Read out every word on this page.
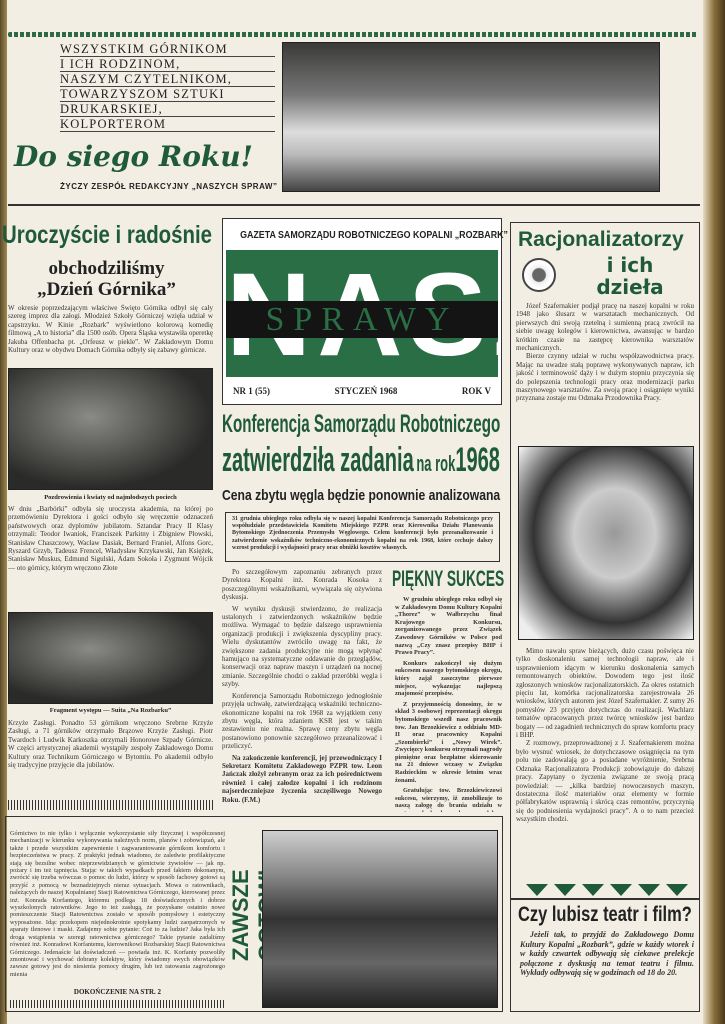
WSZYSTKIM GÓRNIKOM
I ICH RODZINOM,
NASZYM CZYTELNIKOM,
TOWARZYSZOM SZTUKI
DRUKARSKIEJ,
KOLPORTEROM
Do siego Roku!
ŻYCZY ZESPÓŁ REDAKCYJNY „NASZYCH SPRAW”
Uroczyście i radośnie
obchodziliśmy
„Dzień Górnika”
W okresie poprzedzającym właściwe Święto Górnika odbył się cały szereg imprez dla załogi. Młodzież Szkoły Górniczej wzięła udział w capstrzyku. W Kinie „Rozbark” wyświetlono kolorową komedię filmową „A to historia” dla 1500 osób. Opera Śląska wystawiła operetkę Jakuba Offenbacha pt. „Orfeusz w piekle”. W Zakładowym Domu Kultury oraz w obydwu Domach Górnika odbyły się zabawy górnicze.
Pozdrowienia i kwiaty od najmłodszych pociech
W dniu „Barbórki” odbyła się uroczysta akademia, na której po przemówieniu Dyrektora i gości odbyło się wręczenie odznaczeń państwowych oraz dyplomów jubilatom. Sztandar Pracy II Klasy otrzymali: Teodor Iwaniok, Franciszek Parkitny i Zbigniew Płowski, Stanisław Chaszczowy, Wacław Dasiak, Bernard Franiel, Alfons Gorc, Ryszard Grzyb, Tadeusz Frencel, Władysław Krzykawski, Jan Księżek, Stanisław Muskus, Edmund Sigulski, Adam Sokoła i Zygmunt Wójcik — oto górnicy, którym wręczono Złote
Fragment występu — Suita „Na Rozbarku”
Krzyże Zasługi. Ponadto 53 górnikom wręczono Srebrne Krzyże Zasługi, a 71 górników otrzymało Brązowe Krzyże Zasługi. Piotr Twardoch i Ludwik Karkoszka otrzymali Honorowe Szpady Górnicze. W części artystycznej akademii wystąpiły zespoły Zakładowego Domu Kultury oraz Technikum Górniczego w Bytomiu. Po akademii odbyło się tradycyjne przyjęcie dla jubilatów.
GAZETA SAMORZĄDU ROBOTNICZEGO KOPALNI „ROZBARK”
SPRAWY
NR 1 (55)	STYCZEŃ 1968	ROK V
Konferencja Samorządu Robotniczego
zatwierdziła zadania na rok1968
Cena zbytu węgla będzie ponownie analizowana
31 grudnia ubiegłego roku odbyła się w naszej kopalni Konferencja Samorządu Robotniczego przy współudziale przedstawiciela Komitetu Miejskiego PZPR oraz Kierownika Działu Planowania Bytomskiego Zjednoczenia Przemysłu Węglowego. Celem konferencji było przeanalizowanie i zatwierdzenie wskaźników techniczno-ekonomicznych kopalni na rok 1968, które cechuje dalszy wzrost produkcji i wydajności pracy oraz obniżki kosztów własnych.

Po szczegółowym zapoznaniu zebranych przez Dyrektora Kopalni inż. Konrada Kosoka z poszczególnymi wskaźnikami, wywiązała się ożywiona dyskusja.

W wyniku dyskusji stwierdzono, że realizacja ustalonych i zatwierdzonych wskaźników będzie możliwa. Wymagać to będzie dalszego usprawnienia organizacji produkcji i zwiększenia dyscypliny pracy. Wielu dyskutantów zwróciło uwagę na fakt, że zwiększone zadania produkcyjne nie mogą wpłynąć hamująco na systematyczne oddawanie do przeglądów, konserwacji oraz napraw maszyn i urządzeń na nocnej zmianie. Szczególnie chodzi o zakład przeróbki węgla i szyby.

Konferencja Samorządu Robotniczego jednogłośnie przyjęła uchwałę, zatwierdzającą wskaźniki techniczno-ekonomiczne kopalni na rok 1968 za wyjątkiem ceny zbytu węgla, która zdaniem KSR jest w takim zestawieniu nie realna. Sprawę ceny zbytu węgla postanowiono ponownie szczegółowo przeanalizować i przeliczyć.

Na zakończenie konferencji, jej przewodniczący I Sekretarz Komitetu Zakładowego PZPR tow. Leon Jańczak złożył zebranym oraz za ich pośrednictwem również i całej załodze kopalni i ich rodzinom najserdeczniejsze życzenia szczęśliwego Nowego Roku. (F.M.)

PIĘKNY SUKCES

W grudniu ubiegłego roku odbył się w Zakładowym Domu Kultury Kopalni „Thorez” w Wałbrzychu finał Krajowego Konkursu, zorganizowanego przez Związek Zawodowy Górników w Polsce pod nazwą „Czy znasz przepisy BHP i Prawo Pracy”.

Konkurs zakończył się dużym sukcesem naszego bytomskiego okręgu, który zajął zaszczytne pierwsze miejsce, wykazując najlepszą znajomość przepisów.

Z przyjemnością donosimy, że w skład 3 osobowej reprezentacji okręgu bytomskiego wszedł nasz pracownik tow. Jan Brzozkiewicz z oddziału MD-II oraz pracownicy Kopalni „Szombierki” i „Nowy Wirek”. Zwycięzcy konkursu otrzymali nagrody pieniężne oraz bezpłatne skierowanie na 21 dniowe wczasy w Związku Radzieckim w okresie letnim wraz żonami.

Gratulując tow. Brzozkiewiczowi sukcesu, wierzymy, iż zmobilizuje to naszą załogę do brania udziału w

Racjonalizatorzy
i ich
dzieła

Józef Szafernakier podjął pracę na naszej kopalni w roku 1948 jako ślusarz w warsztatach mechanicznych. Od pierwszych dni swoją rzetelną i sumienną pracą zwrócił na siebie uwagę kolegów i kierownictwa, awansując w bardzo krótkim czasie na zastępcę kierownika warsztatów mechanicznych.

Bierze czynny udział w ruchu współzawodnictwa pracy. Mając na uwadze stałą poprawę wykonywanych napraw, ich jakość i terminowość dąży i w dużym stopniu przyczynia się do polepszenia technologii pracy oraz modernizacji parku maszynowego warsztatów. Za swoją pracę i osiągnięte wyniki przyznana zostaje mu Odznaka Przodownika Pracy.

Mimo nawału spraw bieżących, dużo czasu poświęca nie tylko doskonaleniu samej technologii napraw, ale i usprawnieniom idącym w kierunku doskonalenia samych remontowanych obiektów. Dowodem tego jest ilość zgłoszonych wniosków racjonalizatorskich. Za okres ostatnich pięciu lat, komórka racjonalizatorska zarejestrowała 26 wniosków, których autorem jest Józef Szafernakier. Z sumy 26 pomysłów 23 przyjęto dotychczas do realizacji. Wachlarz tematów opracowanych przez twórcę wniosków jest bardzo bogaty — od zagadnień technicznych do spraw komfortu pracy i BHP.

Z rozmowy, przeprowadzonej z J. Szafernakierem można było wysnuć wniosek, że dotychczasowe osiągnięcia na tym polu nie zadowalają go a posiadane wyróżnienie, Srebrna Odznaka Racjonalizatora Produkcji zobowiązuje do dalszej pracy. Zapytany o życzenia związane ze swoją pracą powiedział: — „kilka bardziej nowoczesnych maszyn, dostateczna ilość materiałów oraz elementy w formie półfabrykatów usprawnią i skrócą czas remontów, przyczynią się do podniesienia wydajności pracy”. A o to nam przecież wszystkim chodzi.

Czy lubisz teatr i film?
Jeżeli tak, to przyjdź do Zakładowego Domu Kultury Kopalni „Rozbark”, gdzie w każdy wtorek i w każdy czwartek odbywają się ciekawe prelekcje połączone z dyskusją na temat teatru i filmu. Wykłady odbywają się w godzinach od 18 do 20.
Górnictwo to nie tylko i wyłącznie wykorzystanie siły fizycznej i współczesnej mechanizacji w kierunku wykonywania należnych norm, planów i zobowiązań, ale także i przede wszystkim zapewnienie i zagwarantowanie górnikom komfortu i bezpieczeństwa w pracy. Z praktyki jednak wiadomo, że zaledwie profilaktyczne stają się bezsilne wobec nieprzewidzianych w górnictwie żywiołów — jak np. pożary i im też tąpnięcia. Stając w takich wypadkach przed faktem dokonanym, zwrócić się trzeba wówczas o pomoc do ludzi, którzy w sposób fachowy gotowi są przyjść z pomocą w beznadziejnych nieraz sytuacjach. Mowa o ratownikach, należących do naszej Kopalnianej Stacji Ratownictwa Górniczego, kierowanej przez inż. Konrada Korfantego, któremu podlega 18 doświadczonych i dobrze wyszkolonych ratowników. Jego to też zasługą, że pozyskane ostatnio nowe pomieszczenie Stacji Ratownictwa zostało w sposób pomysłowy i estetyczny wyposażone. Idąc przekopem niejednokrotnie spotykamy ludzi zaopatrzonych w aparaty tlenowe i maski. Zadajemy sobie pytanie: Coż to za ludzie? Jaka była ich droga wstąpienia w szeregi ratownictwa górniczego? Takie pytanie zadaliśmy również inż. Konradowi Korfantemu, kierownikowi Rozbarskiej Stacji Ratownictwa Górniczego. Jedenaście lat doświadczeń — powiada inż. K. Korfanty pozwoliły zmontować i wychować dobrany kolektyw, który świadomy swych obowiązków zawsze gotowy jest do niesienia pomocy drugim, lub też ratowania zagrożonego mienia
DOKOŃCZENIE NA STR. 2
ZAWSZE
